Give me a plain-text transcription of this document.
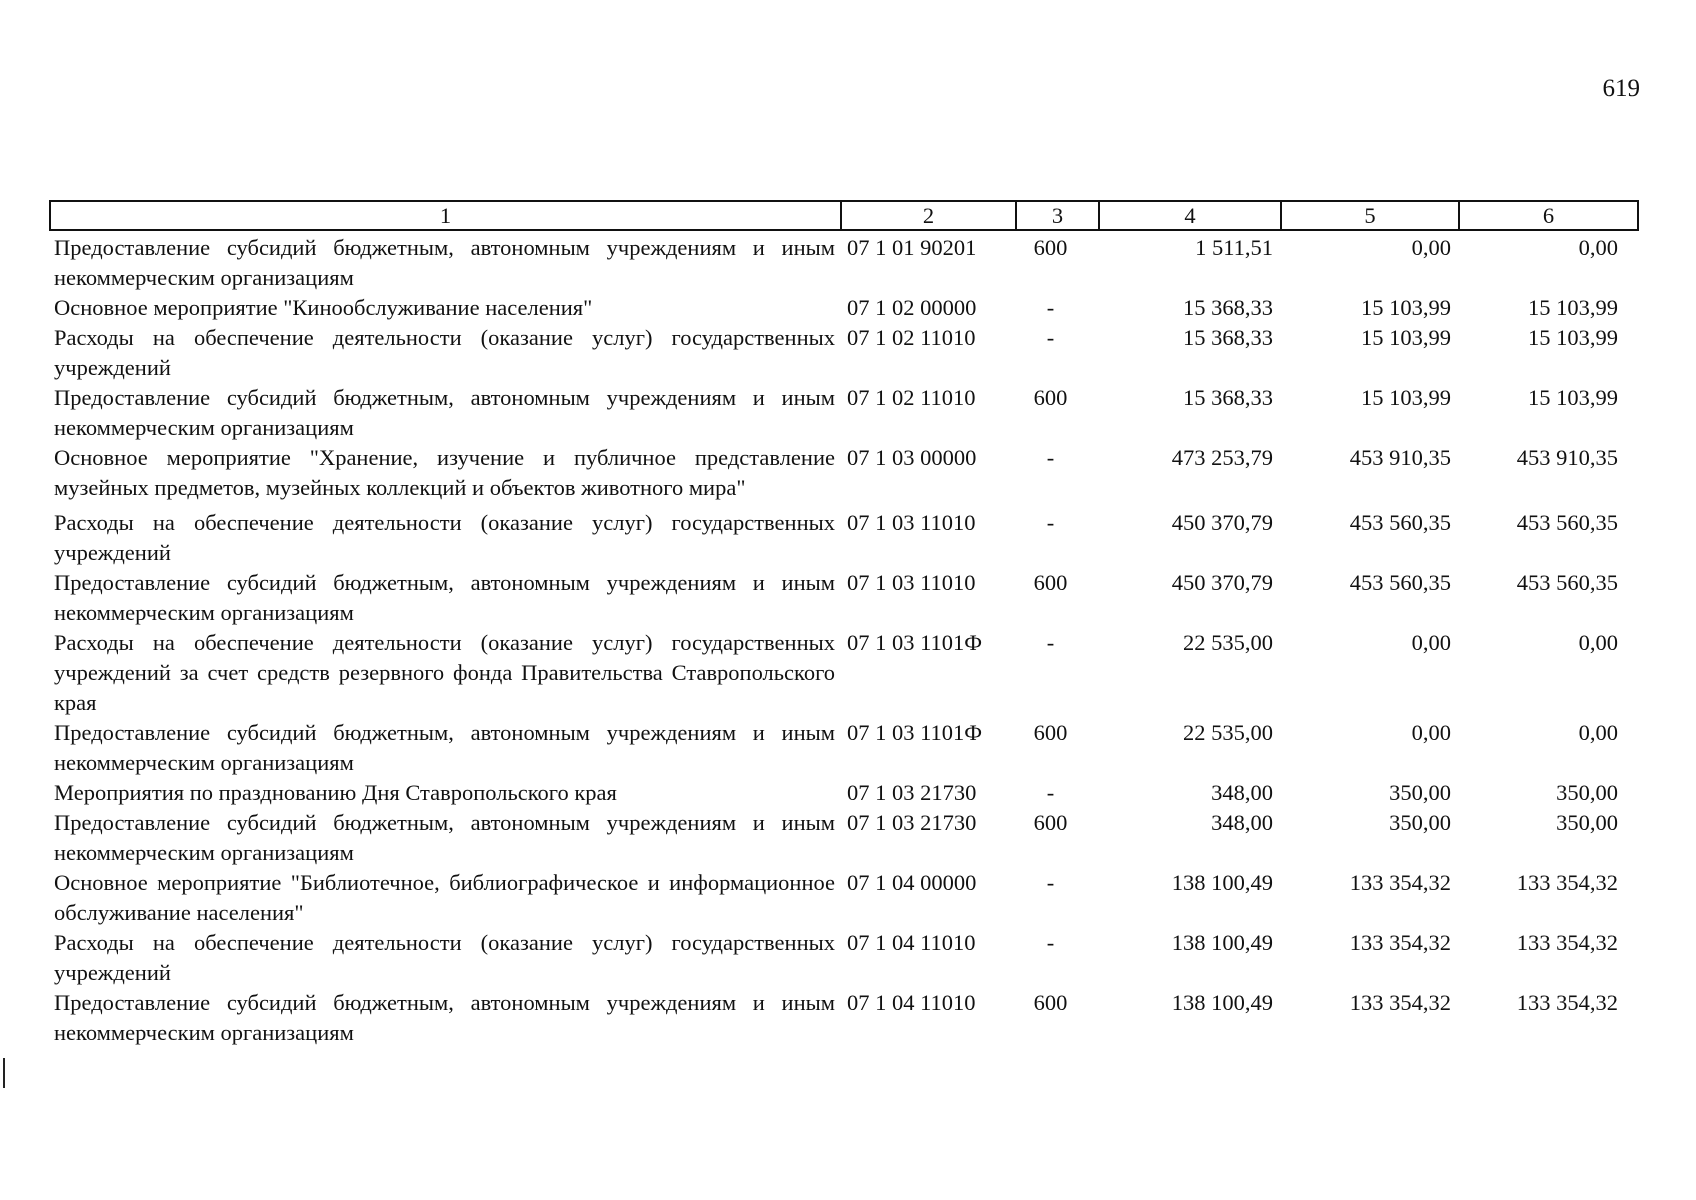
619
1	2	3	4	5	6
Предоставление субсидий бюджетным, автономным учреждениям и иным некоммерческим организациям	07 1 01 90201	600	1 511,51	0,00	0,00
Основное мероприятие "Кинообслуживание населения"	07 1 02 00000	-	15 368,33	15 103,99	15 103,99
Расходы на обеспечение деятельности (оказание услуг) государственных учреждений	07 1 02 11010	-	15 368,33	15 103,99	15 103,99
Предоставление субсидий бюджетным, автономным учреждениям и иным некоммерческим организациям	07 1 02 11010	600	15 368,33	15 103,99	15 103,99
Основное мероприятие "Хранение, изучение и публичное представление музейных предметов, музейных коллекций и объектов животного мира"	07 1 03 00000	-	473 253,79	453 910,35	453 910,35
Расходы на обеспечение деятельности (оказание услуг) государственных учреждений	07 1 03 11010	-	450 370,79	453 560,35	453 560,35
Предоставление субсидий бюджетным, автономным учреждениям и иным некоммерческим организациям	07 1 03 11010	600	450 370,79	453 560,35	453 560,35
Расходы на обеспечение деятельности (оказание услуг) государственных учреждений за счет средств резервного фонда Правительства Ставропольского края	07 1 03 1101Ф	-	22 535,00	0,00	0,00
Предоставление субсидий бюджетным, автономным учреждениям и иным некоммерческим организациям	07 1 03 1101Ф	600	22 535,00	0,00	0,00
Мероприятия по празднованию Дня Ставропольского края	07 1 03 21730	-	348,00	350,00	350,00
Предоставление субсидий бюджетным, автономным учреждениям и иным некоммерческим организациям	07 1 03 21730	600	348,00	350,00	350,00
Основное мероприятие "Библиотечное, библиографическое и информационное обслуживание населения"	07 1 04 00000	-	138 100,49	133 354,32	133 354,32
Расходы на обеспечение деятельности (оказание услуг) государственных учреждений	07 1 04 11010	-	138 100,49	133 354,32	133 354,32
Предоставление субсидий бюджетным, автономным учреждениям и иным некоммерческим организациям	07 1 04 11010	600	138 100,49	133 354,32	133 354,32
